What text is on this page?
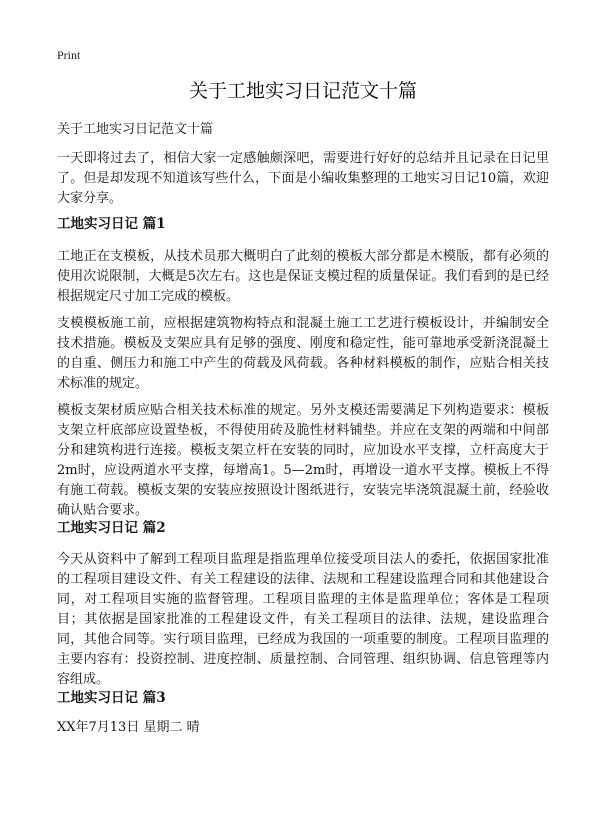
Print
关于工地实习日记范文十篇
关于工地实习日记范文十篇

一天即将过去了，相信大家一定感触颇深吧，需要进行好好的总结并且记录在日记里了。但是却发现不知道该写些什么，下面是小编收集整理的工地实习日记10篇，欢迎大家分享。

工地实习日记 篇1

工地正在支模板，从技术员那大概明白了此刻的模板大部分都是木模版，都有必须的使用次说限制，大概是5次左右。这也是保证支模过程的质量保证。我们看到的是已经根据规定尺寸加工完成的模板。

支模模板施工前，应根据建筑物构特点和混凝土施工工艺进行模板设计，并编制安全技术措施。模板及支架应具有足够的强度、刚度和稳定性，能可靠地承受新浇混凝土的自重、侧压力和施工中产生的荷载及风荷载。各种材料模板的制作，应贴合相关技术标准的规定。

模板支架材质应贴合相关技术标准的规定。另外支模还需要满足下列构造要求：模板支架立杆底部应设置垫板，不得使用砖及脆性材料铺垫。并应在支架的两端和中间部分和建筑构进行连接。模板支架立杆在安装的同时，应加设水平支撑，立杆高度大于2m时，应设两道水平支撑，每增高1。5—2m时，再增设一道水平支撑。模板上不得有施工荷载。模板支架的安装应按照设计图纸进行，安装完毕浇筑混凝土前，经验收确认贴合要求。

工地实习日记 篇2

今天从资料中了解到工程项目监理是指监理单位接受项目法人的委托，依据国家批准的工程项目建设文件、有关工程建设的法律、法规和工程建设监理合同和其他建设合同，对工程项目实施的监督管理。工程项目监理的主体是监理单位；客体是工程项目；其依据是国家批准的工程建设文件，有关工程项目的法律、法规，建设监理合同，其他合同等。实行项目监理，已经成为我国的一项重要的制度。工程项目监理的主要内容有：投资控制、进度控制、质量控制、合同管理、组织协调、信息管理等内容组成。

工地实习日记 篇3

XX年7月13日 星期二 晴
